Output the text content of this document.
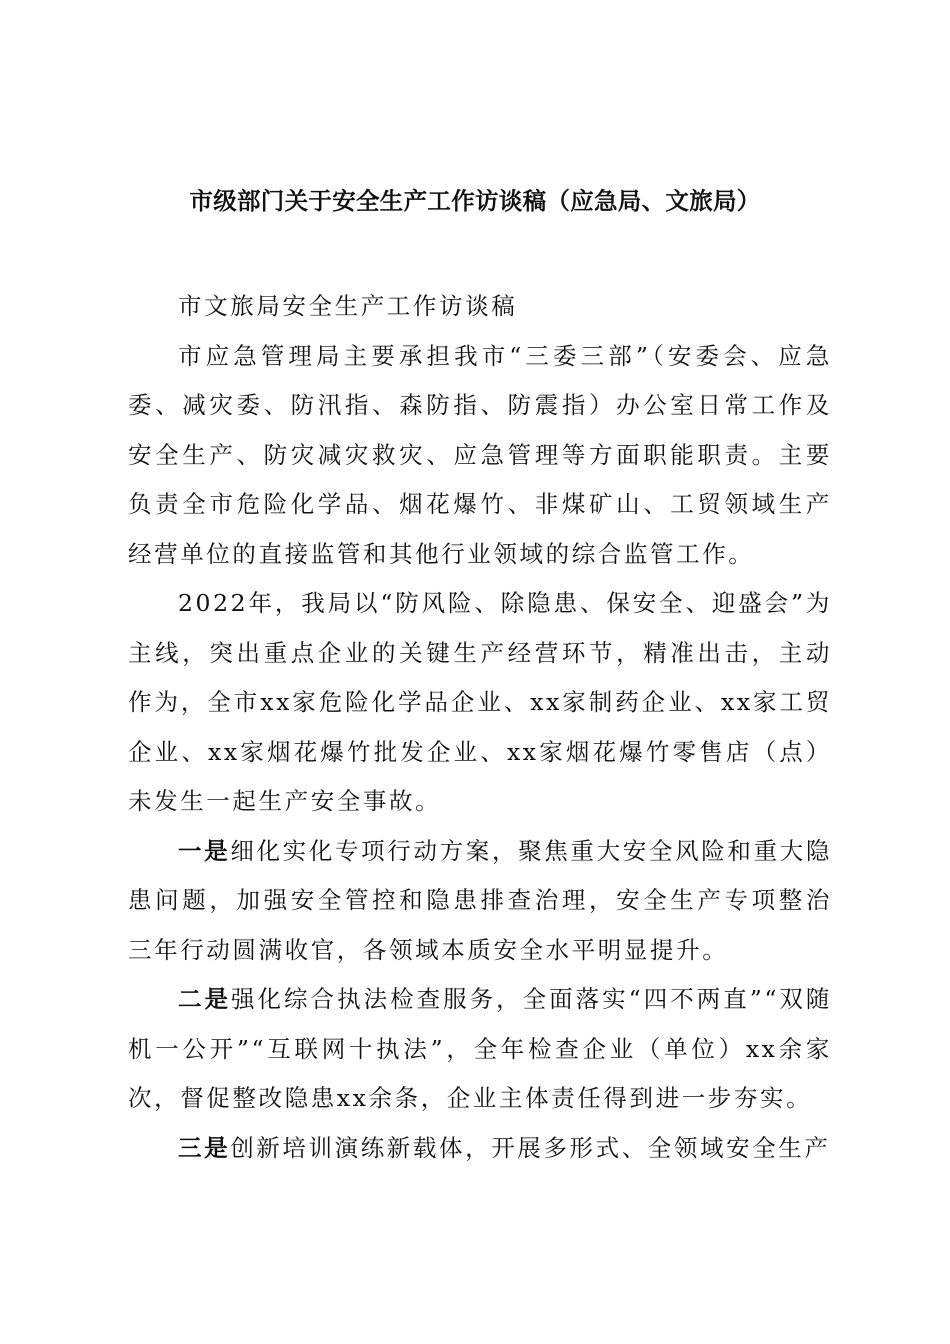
市级部门关于安全生产工作访谈稿（应急局、文旅局）

市文旅局安全生产工作访谈稿

市应急管理局主要承担我市“三委三部”（安委会、应急委、减灾委、防汛指、森防指、防震指）办公室日常工作及安全生产、防灾减灾救灾、应急管理等方面职能职责。主要负责全市危险化学品、烟花爆竹、非煤矿山、工贸领域生产经营单位的直接监管和其他行业领域的综合监管工作。

2022年，我局以“防风险、除隐患、保安全、迎盛会”为主线，突出重点企业的关键生产经营环节，精准出击，主动作为，全市xx家危险化学品企业、xx家制药企业、xx家工贸企业、xx家烟花爆竹批发企业、xx家烟花爆竹零售店（点）未发生一起生产安全事故。

一是细化实化专项行动方案，聚焦重大安全风险和重大隐患问题，加强安全管控和隐患排查治理，安全生产专项整治三年行动圆满收官，各领域本质安全水平明显提升。

二是强化综合执法检查服务，全面落实“四不两直”“双随机一公开”“互联网十执法”，全年检查企业（单位）xx余家次，督促整改隐患xx余条，企业主体责任得到进一步夯实。

三是创新培训演练新载体，开展多形式、全领域安全生产
